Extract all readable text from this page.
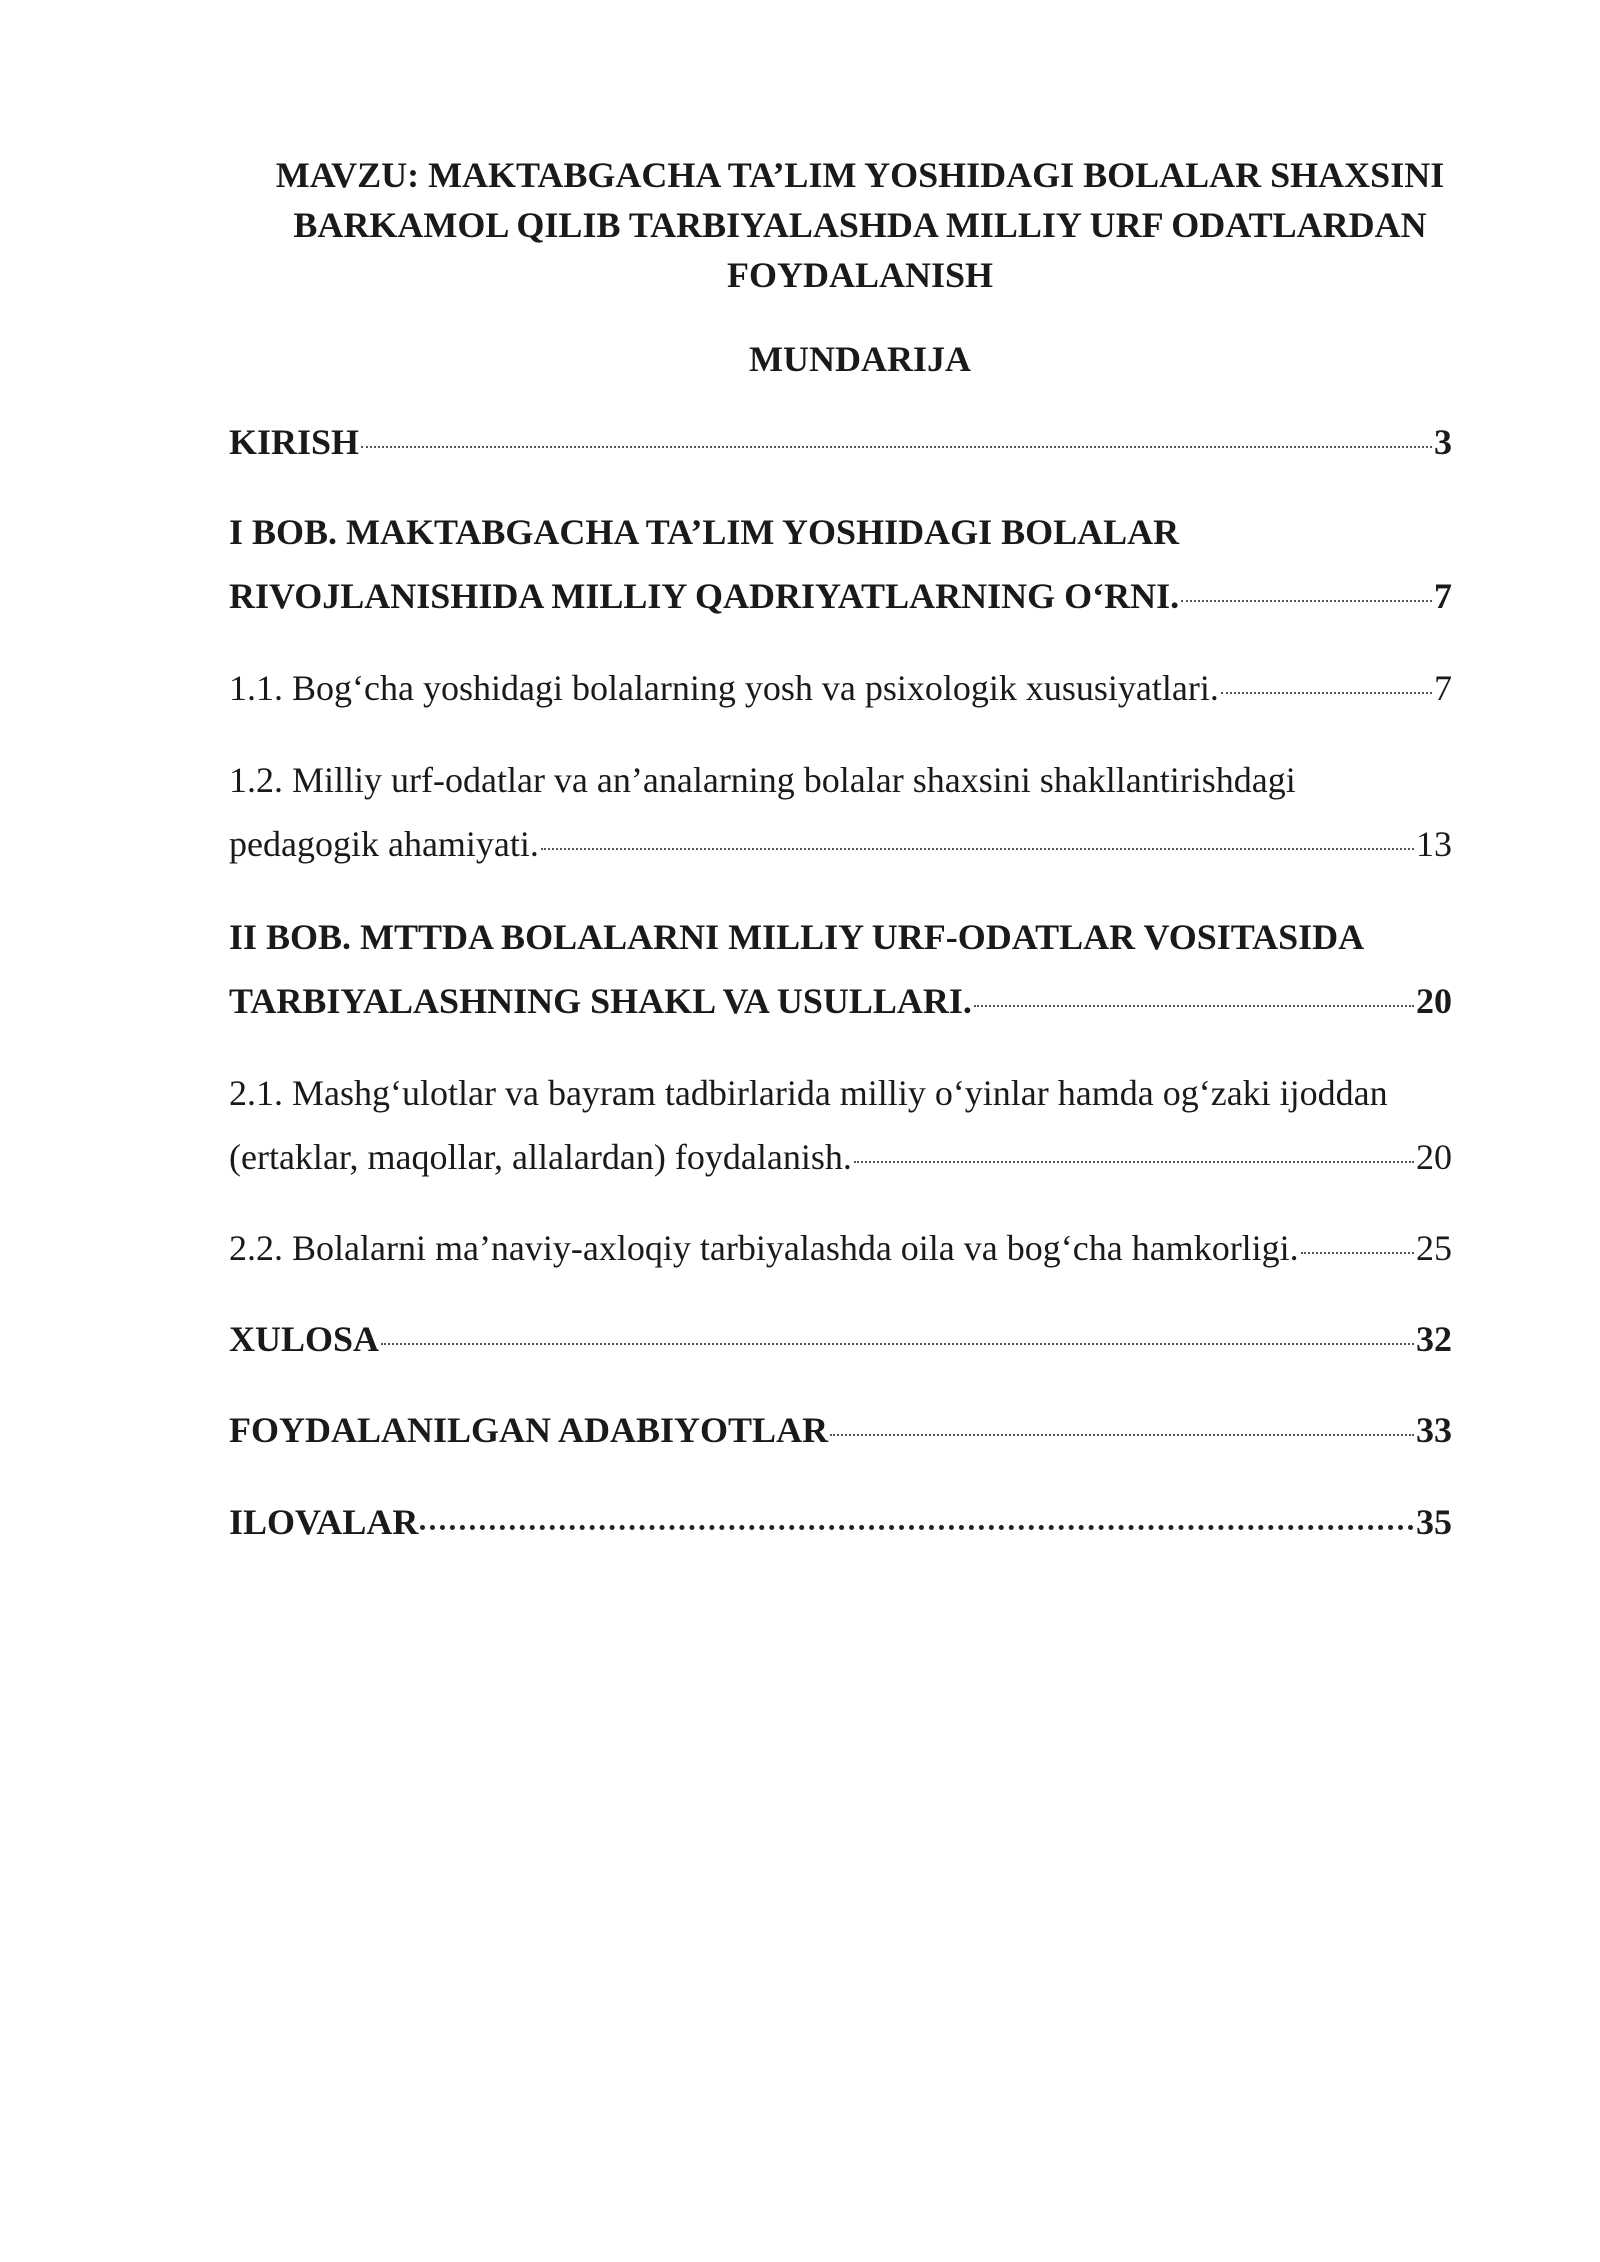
MAVZU: MAKTABGACHA TA’LIM YOSHIDAGI BOLALAR SHAXSINI
BARKAMOL QILIB TARBIYALASHDA MILLIY URF ODATLARDAN
FOYDALANISH
MUNDARIJA
KIRISH	3
I BOB. MAKTABGACHA TA’LIM YOSHIDAGI BOLALAR
RIVOJLANISHIDA MILLIY QADRIYATLARNING O‘RNI.	7
1.1. Bog‘cha yoshidagi bolalarning yosh va psixologik xususiyatlari.	7
1.2. Milliy urf-odatlar va an’analarning bolalar shaxsini shakllantirishdagi
pedagogik ahamiyati.	13
II BOB. MTTDA BOLALARNI MILLIY URF-ODATLAR VOSITASIDA
TARBIYALASHNING SHAKL VA USULLARI.	20
2.1. Mashg‘ulotlar va bayram tadbirlarida milliy o‘yinlar hamda og‘zaki ijoddan
(ertaklar, maqollar, allalardan) foydalanish.	20
2.2. Bolalarni ma’naviy-axloqiy tarbiyalashda oila va bog‘cha hamkorligi.	25
XULOSA	32
FOYDALANILGAN ADABIYOTLAR	33
ILOVALAR	35
